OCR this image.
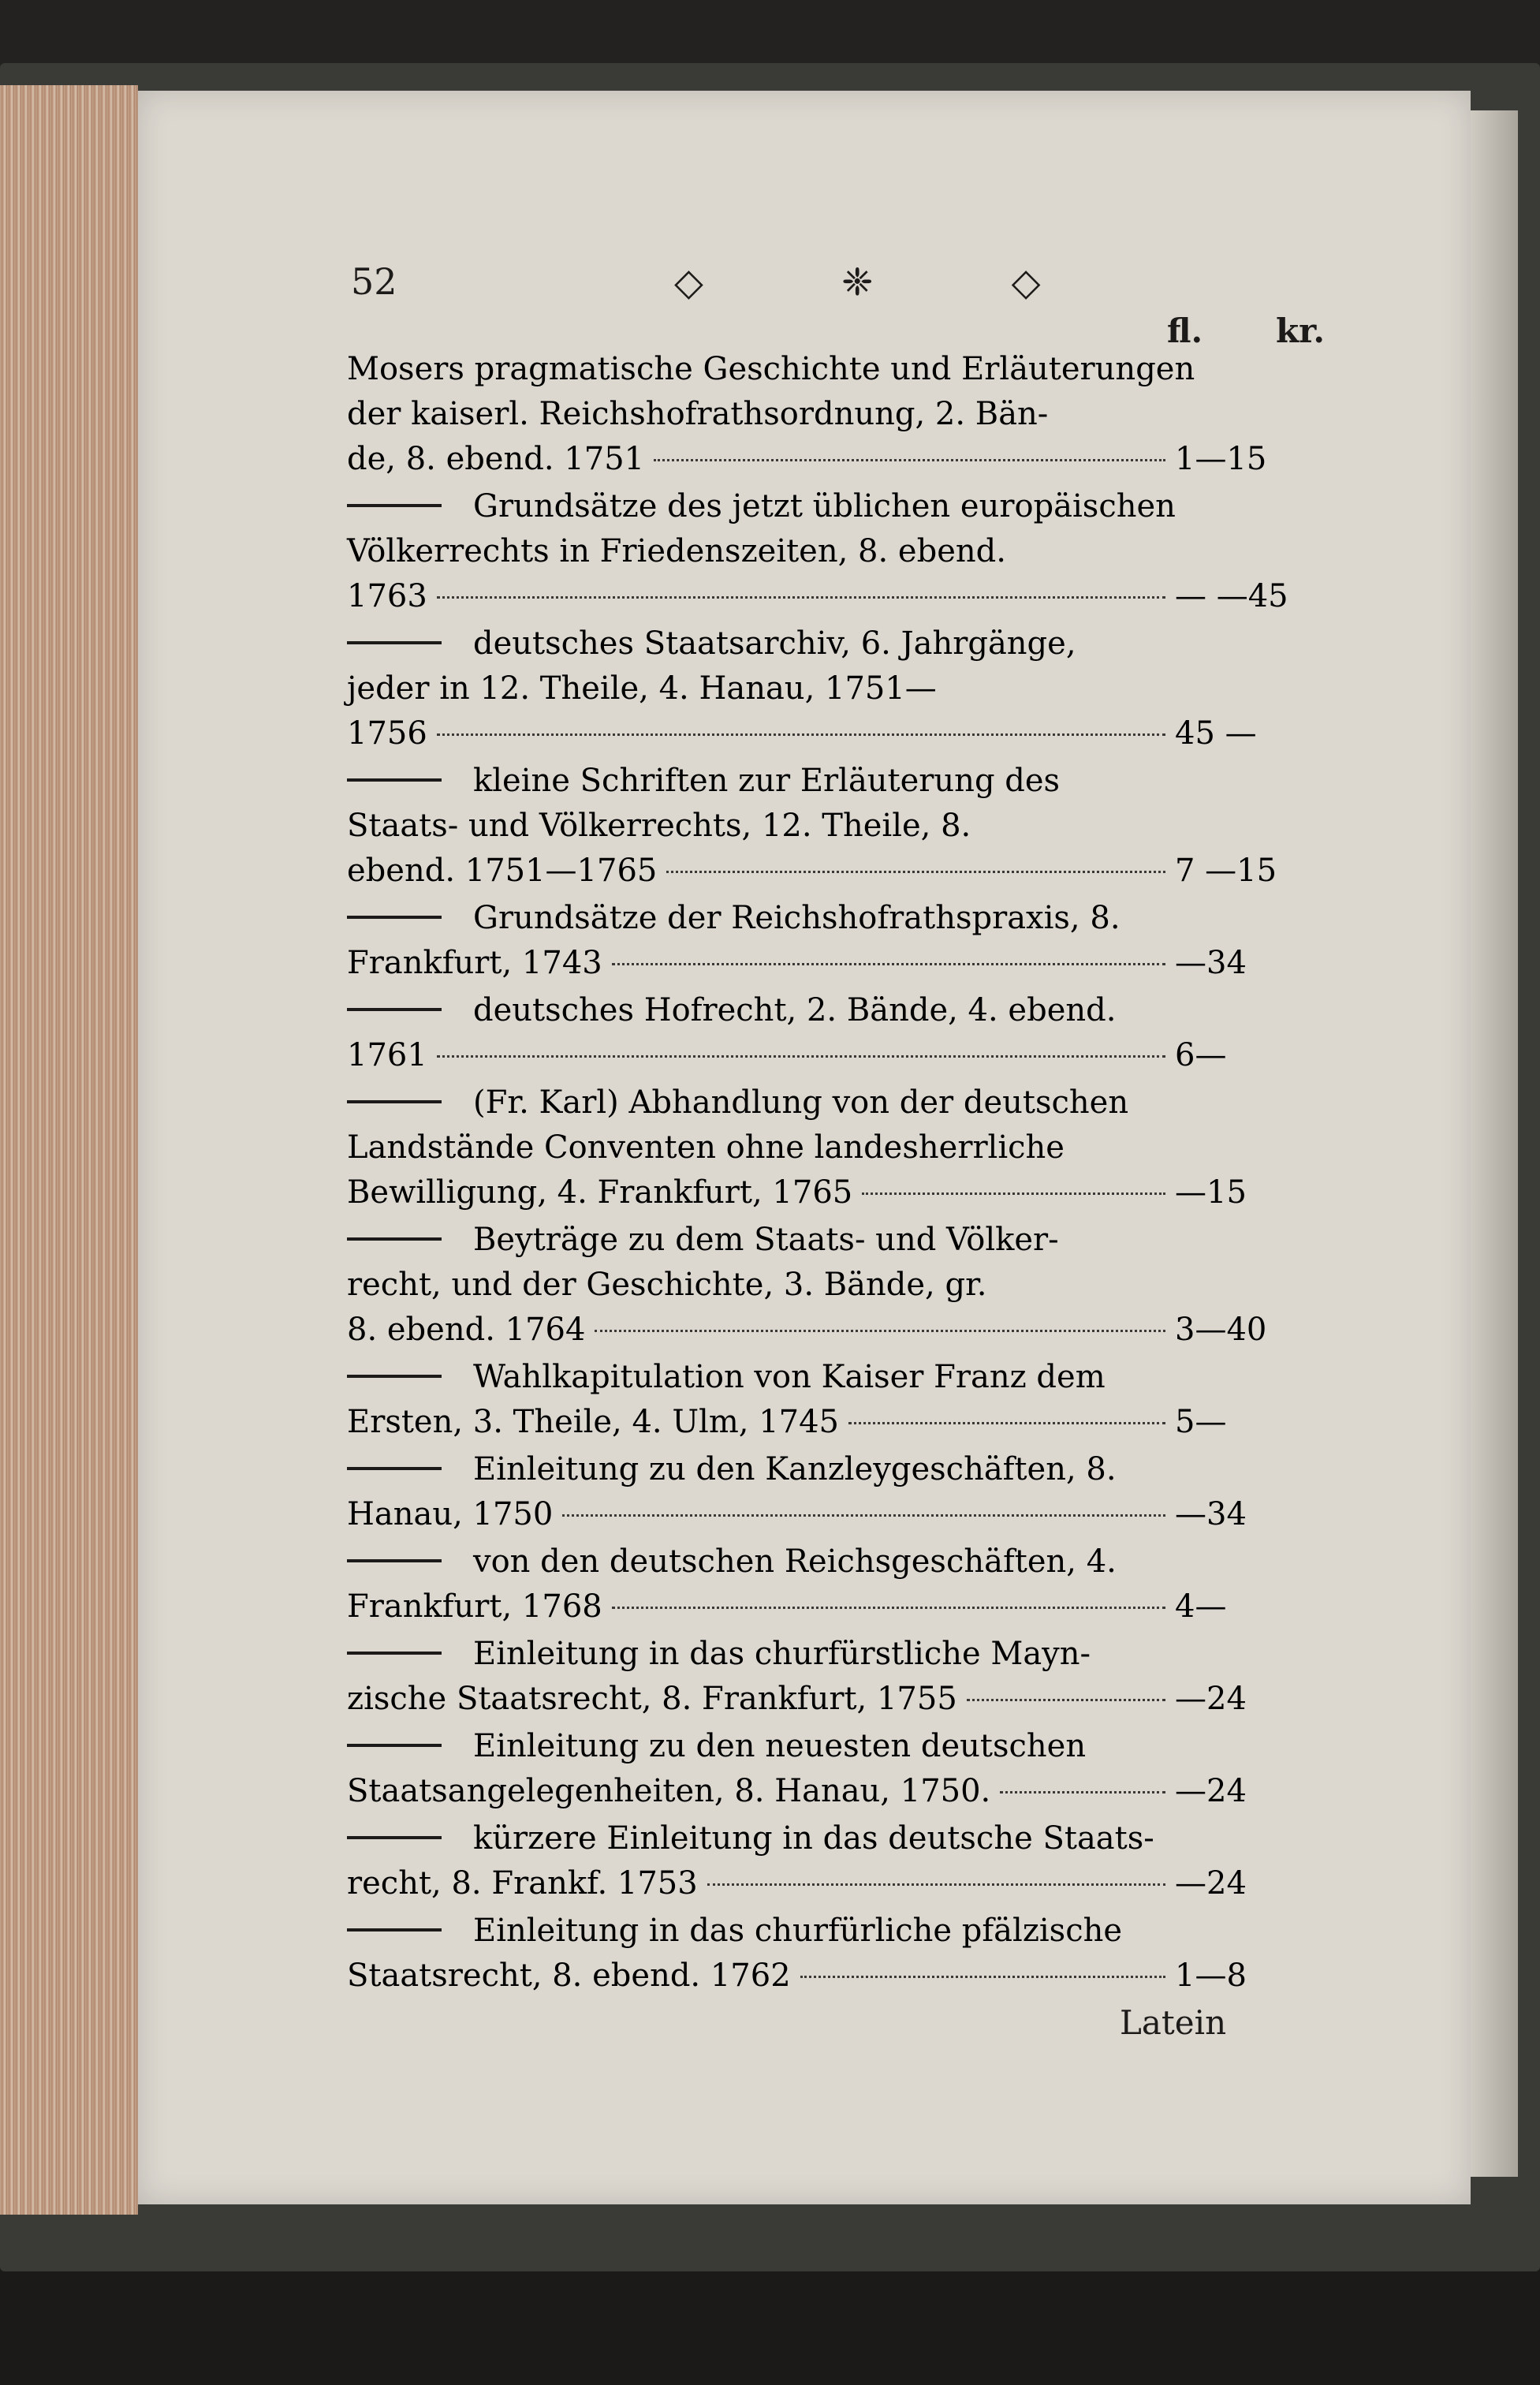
52	◇ ❈ ◇
fl. kr.
Mosers pragmatische Geschichte und Erläuterungen
der kaiserl. Reichshofrathsordnung, 2. Bän-
de, 8. ebend. 1751	1—15
Grundsätze des jetzt üblichen europäischen
Völkerrechts in Friedenszeiten, 8. ebend.
1763	— —45
deutsches Staatsarchiv, 6. Jahrgänge,
jeder in 12. Theile, 4. Hanau, 1751—
1756	45 —
kleine Schriften zur Erläuterung des
Staats- und Völkerrechts, 12. Theile, 8.
ebend. 1751—1765	7 —15
Grundsätze der Reichshofrathspraxis, 8.
Frankfurt, 1743	—34
deutsches Hofrecht, 2. Bände, 4. ebend.
1761	6—
(Fr. Karl) Abhandlung von der deutschen
Landstände Conventen ohne landesherrliche
Bewilligung, 4. Frankfurt, 1765	—15
Beyträge zu dem Staats- und Völker-
recht, und der Geschichte, 3. Bände, gr.
8. ebend. 1764	3—40
Wahlkapitulation von Kaiser Franz dem
Ersten, 3. Theile, 4. Ulm, 1745	5—
Einleitung zu den Kanzleygeschäften, 8.
Hanau, 1750	—34
von den deutschen Reichsgeschäften, 4.
Frankfurt, 1768	4—
Einleitung in das churfürstliche Mayn-
zische Staatsrecht, 8. Frankfurt, 1755	—24
Einleitung zu den neuesten deutschen
Staatsangelegenheiten, 8. Hanau, 1750.	—24
kürzere Einleitung in das deutsche Staats-
recht, 8. Frankf. 1753	—24
Einleitung in das churfürliche pfälzische
Staatsrecht, 8. ebend. 1762	1—8
Latein
